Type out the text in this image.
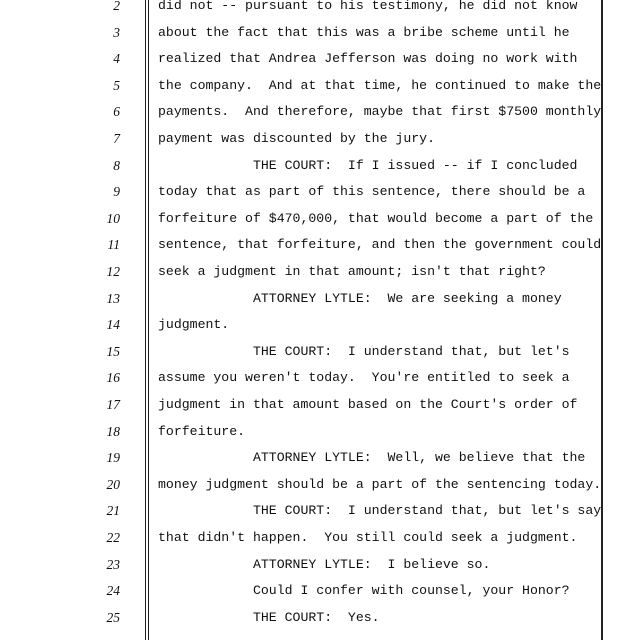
2	did not -- pursuant to his testimony, he did not know
3	about the fact that this was a bribe scheme until he
4	realized that Andrea Jefferson was doing no work with
5	the company.  And at that time, he continued to make the
6	payments.  And therefore, maybe that first $7500 monthly
7	payment was discounted by the jury.
8	THE COURT:  If I issued -- if I concluded
9	today that as part of this sentence, there should be a
10	forfeiture of $470,000, that would become a part of the
11	sentence, that forfeiture, and then the government could
12	seek a judgment in that amount; isn't that right?
13	ATTORNEY LYTLE:  We are seeking a money
14	judgment.
15	THE COURT:  I understand that, but let's
16	assume you weren't today.  You're entitled to seek a
17	judgment in that amount based on the Court's order of
18	forfeiture.
19	ATTORNEY LYTLE:  Well, we believe that the
20	money judgment should be a part of the sentencing today.
21	THE COURT:  I understand that, but let's say
22	that didn't happen.  You still could seek a judgment.
23	ATTORNEY LYTLE:  I believe so.
24	Could I confer with counsel, your Honor?
25	THE COURT:  Yes.
